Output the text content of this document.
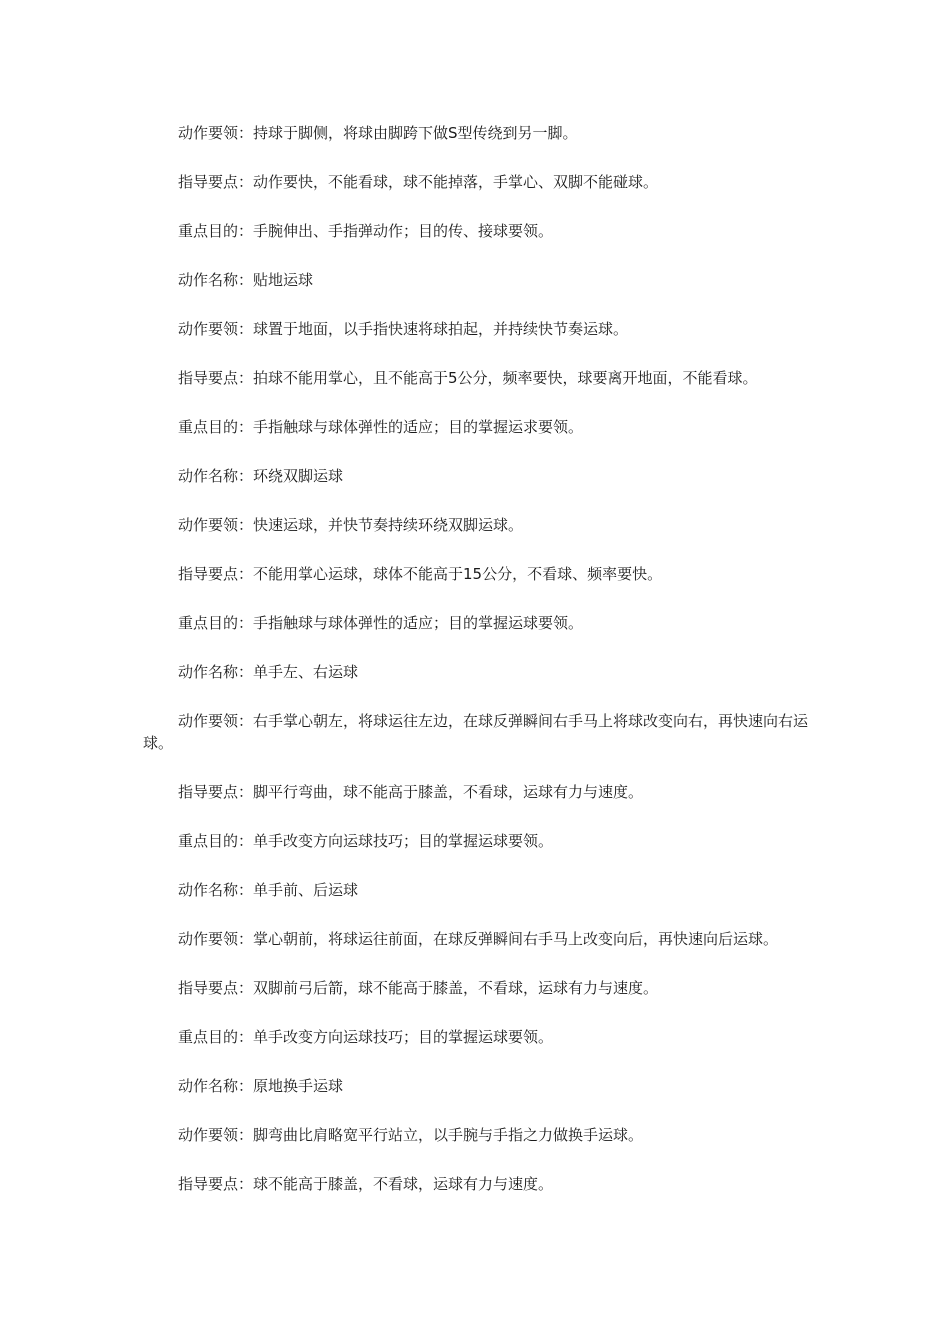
动作要领：持球于脚侧，将球由脚跨下做S型传绕到另一脚。

指导要点：动作要快，不能看球，球不能掉落，手掌心、双脚不能碰球。

重点目的：手腕伸出、手指弹动作；目的传、接球要领。

动作名称：贴地运球

动作要领：球置于地面，以手指快速将球拍起，并持续快节奏运球。

指导要点：拍球不能用掌心，且不能高于5公分，频率要快，球要离开地面，不能看球。

重点目的：手指触球与球体弹性的适应；目的掌握运求要领。

动作名称：环绕双脚运球

动作要领：快速运球，并快节奏持续环绕双脚运球。

指导要点：不能用掌心运球，球体不能高于15公分，不看球、频率要快。

重点目的：手指触球与球体弹性的适应；目的掌握运球要领。

动作名称：单手左、右运球

动作要领：右手掌心朝左，将球运往左边，在球反弹瞬间右手马上将球改变向右，再快速向右运球。

指导要点：脚平行弯曲，球不能高于膝盖，不看球，运球有力与速度。

重点目的：单手改变方向运球技巧；目的掌握运球要领。

动作名称：单手前、后运球

动作要领：掌心朝前，将球运往前面，在球反弹瞬间右手马上改变向后，再快速向后运球。

指导要点：双脚前弓后箭，球不能高于膝盖，不看球，运球有力与速度。

重点目的：单手改变方向运球技巧；目的掌握运球要领。

动作名称：原地换手运球

动作要领：脚弯曲比肩略宽平行站立，以手腕与手指之力做换手运球。

指导要点：球不能高于膝盖，不看球，运球有力与速度。
